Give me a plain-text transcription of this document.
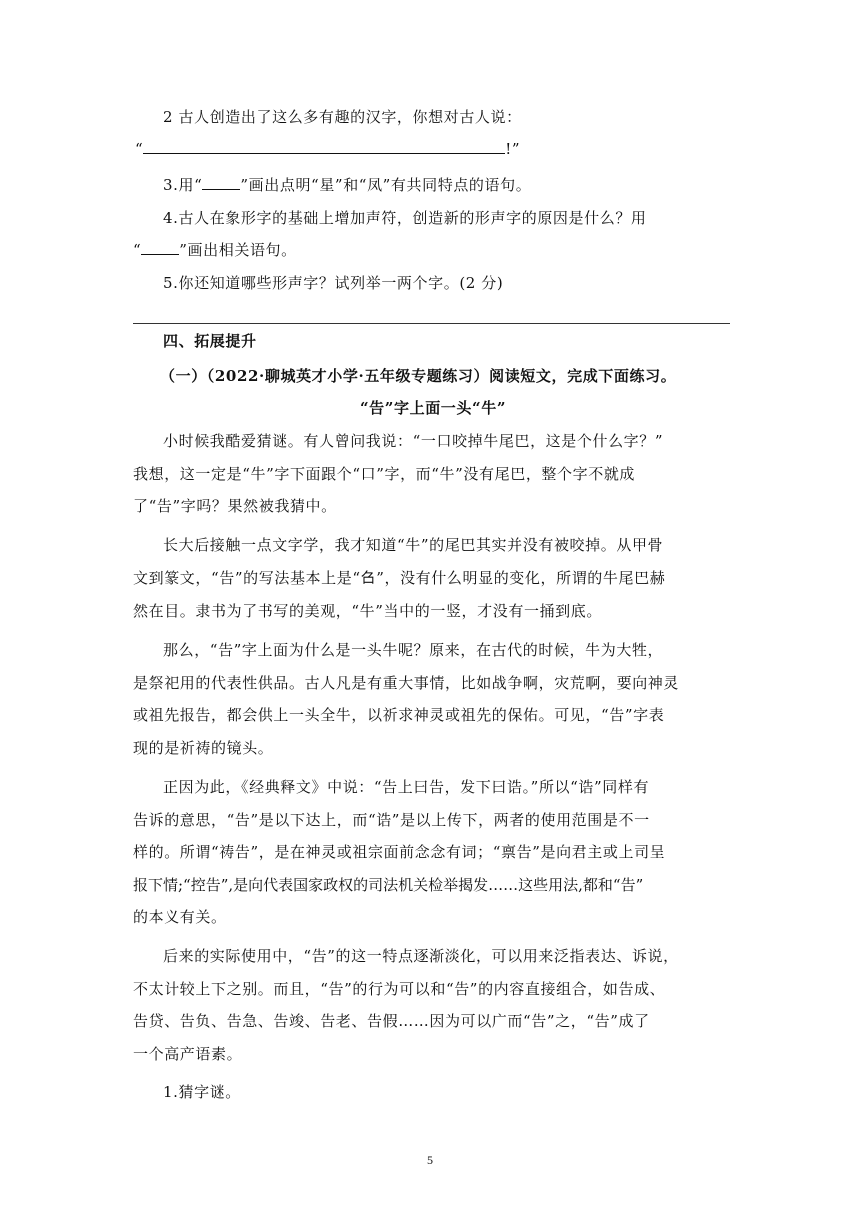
2 古人创造出了这么多有趣的汉字，你想对古人说：
“	!”
3.用“	”画出点明“星”和“凤”有共同特点的语句。
4.古人在象形字的基础上增加声符，创造新的形声字的原因是什么？用
“	”画出相关语句。
5.你还知道哪些形声字？试列举一两个字。(2 分)
四、拓展提升
（一）（2022·聊城英才小学·五年级专题练习）阅读短文，完成下面练习。
“告”字上面一头“牛”
小时候我酷爱猜谜。有人曾问我说：“一口咬掉牛尾巴，这是个什么字？”
我想，这一定是“牛”字下面跟个“口”字，而“牛”没有尾巴，整个字不就成
了“告”字吗？果然被我猜中。
长大后接触一点文字学，我才知道“牛”的尾巴其实并没有被咬掉。从甲骨
文到篆文，“告”的写法基本上是“𠮥”，没有什么明显的变化，所谓的牛尾巴赫
然在目。隶书为了书写的美观，“牛”当中的一竖，才没有一捅到底。
那么，“告”字上面为什么是一头牛呢？原来，在古代的时候，牛为大牲，
是祭祀用的代表性供品。古人凡是有重大事情，比如战争啊，灾荒啊，要向神灵
或祖先报告，都会供上一头全牛，以祈求神灵或祖先的保佑。可见，“告”字表
现的是祈祷的镜头。
正因为此，《经典释文》中说：“告上曰告，发下曰诰。”所以“诰”同样有
告诉的意思，“告”是以下达上，而“诰”是以上传下，两者的使用范围是不一
样的。所谓“祷告”，是在神灵或祖宗面前念念有词；“禀告”是向君主或上司呈
报下情;“控告”,是向代表国家政权的司法机关检举揭发……这些用法,都和“告”
的本义有关。
后来的实际使用中，“告”的这一特点逐渐淡化，可以用来泛指表达、诉说，
不太计较上下之别。而且，“告”的行为可以和“告”的内容直接组合，如告成、
告贷、告负、告急、告竣、告老、告假……因为可以广而“告”之，“告”成了
一个高产语素。
1.猜字谜。
5
